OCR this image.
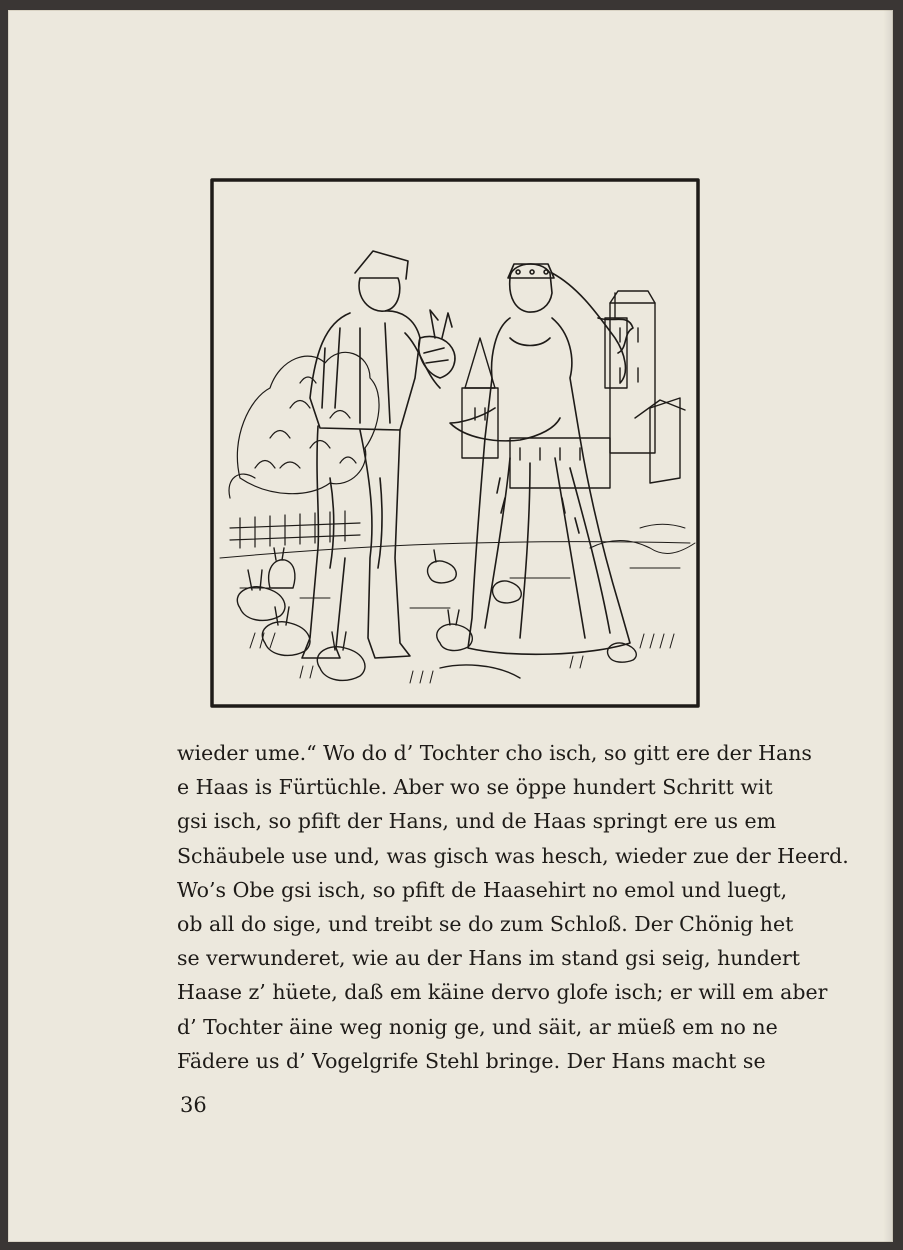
wieder ume.“ Wo do d’ Tochter cho isch, so gitt ere der Hans
e Haas is Fürtüchle. Aber wo se öppe hundert Schritt wit
gsi isch, so pfift der Hans, und de Haas springt ere us em
Schäubele use und, was gisch was hesch, wieder zue der Heerd.
Wo’s Obe gsi isch, so pfift de Haasehirt no emol und luegt,
ob all do sige, und treibt se do zum Schloß. Der Chönig het
se verwunderet, wie au der Hans im stand gsi seig, hundert
Haase z’ hüete, daß em käine dervo glofe isch; er will em aber
d’ Tochter äine weg nonig ge, und säit, ar müeß em no ne
Fädere us d’ Vogelgrife Stehl bringe. Der Hans macht se
36
